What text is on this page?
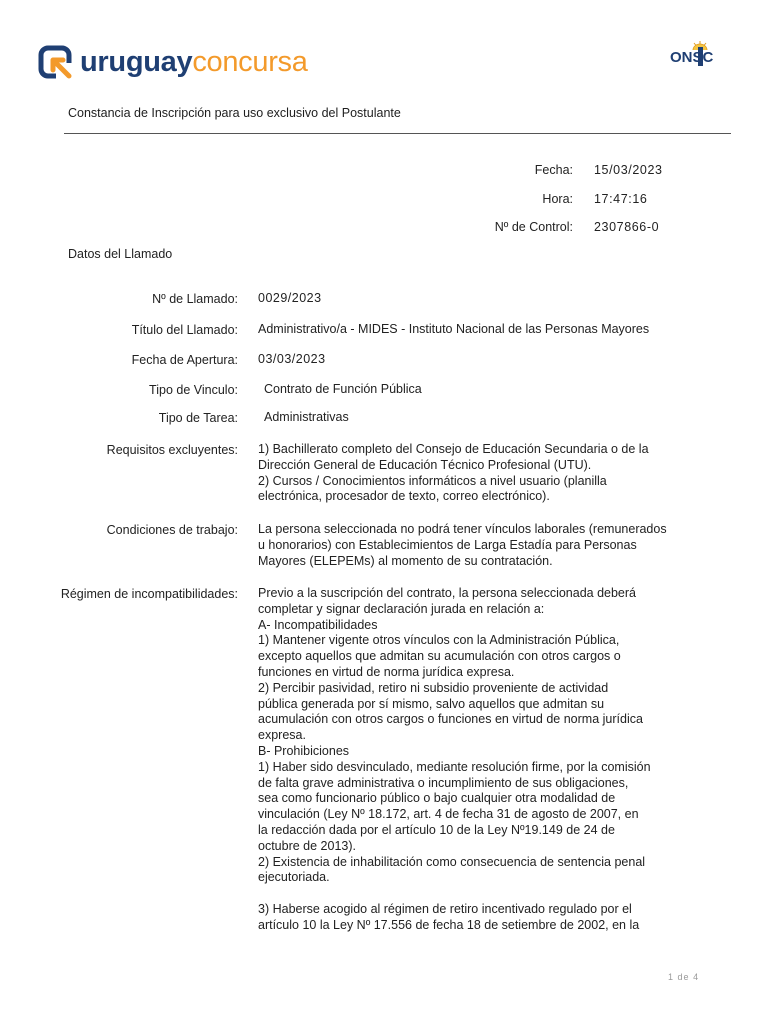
uruguayconcursa	ONSC
Constancia de Inscripción para uso exclusivo del Postulante
Fecha: 15/03/2023
Hora: 17:47:16
Nº de Control: 2307866-0
Datos del Llamado
Nº de Llamado: 0029/2023
Título del Llamado: Administrativo/a - MIDES - Instituto Nacional de las Personas Mayores
Fecha de Apertura: 03/03/2023
Tipo de Vinculo: Contrato de Función Pública
Tipo de Tarea: Administrativas
Requisitos excluyentes: 1) Bachillerato completo del Consejo de Educación Secundaria o de la
Dirección General de Educación Técnico Profesional (UTU).
2) Cursos / Conocimientos informáticos a nivel usuario (planilla
electrónica, procesador de texto, correo electrónico).
Condiciones de trabajo: La persona seleccionada no podrá tener vínculos laborales (remunerados
u honorarios) con Establecimientos de Larga Estadía para Personas
Mayores (ELEPEMs) al momento de su contratación.
Régimen de incompatibilidades: Previo a la suscripción del contrato, la persona seleccionada deberá
completar y signar declaración jurada en relación a:
A- Incompatibilidades
1) Mantener vigente otros vínculos con la Administración Pública,
excepto aquellos que admitan su acumulación con otros cargos o
funciones en virtud de norma jurídica expresa.
2) Percibir pasividad, retiro ni subsidio proveniente de actividad
pública generada por sí mismo, salvo aquellos que admitan su
acumulación con otros cargos o funciones en virtud de norma jurídica
expresa.
B- Prohibiciones
1) Haber sido desvinculado, mediante resolución firme, por la comisión
de falta grave administrativa o incumplimiento de sus obligaciones,
sea como funcionario público o bajo cualquier otra modalidad de
vinculación (Ley Nº 18.172, art. 4 de fecha 31 de agosto de 2007, en
la redacción dada por el artículo 10 de la Ley Nº19.149 de 24 de
octubre de 2013).
2) Existencia de inhabilitación como consecuencia de sentencia penal
ejecutoriada.
3) Haberse acogido al régimen de retiro incentivado regulado por el
artículo 10 la Ley Nº 17.556 de fecha 18 de setiembre de 2002, en la
1 de 4
